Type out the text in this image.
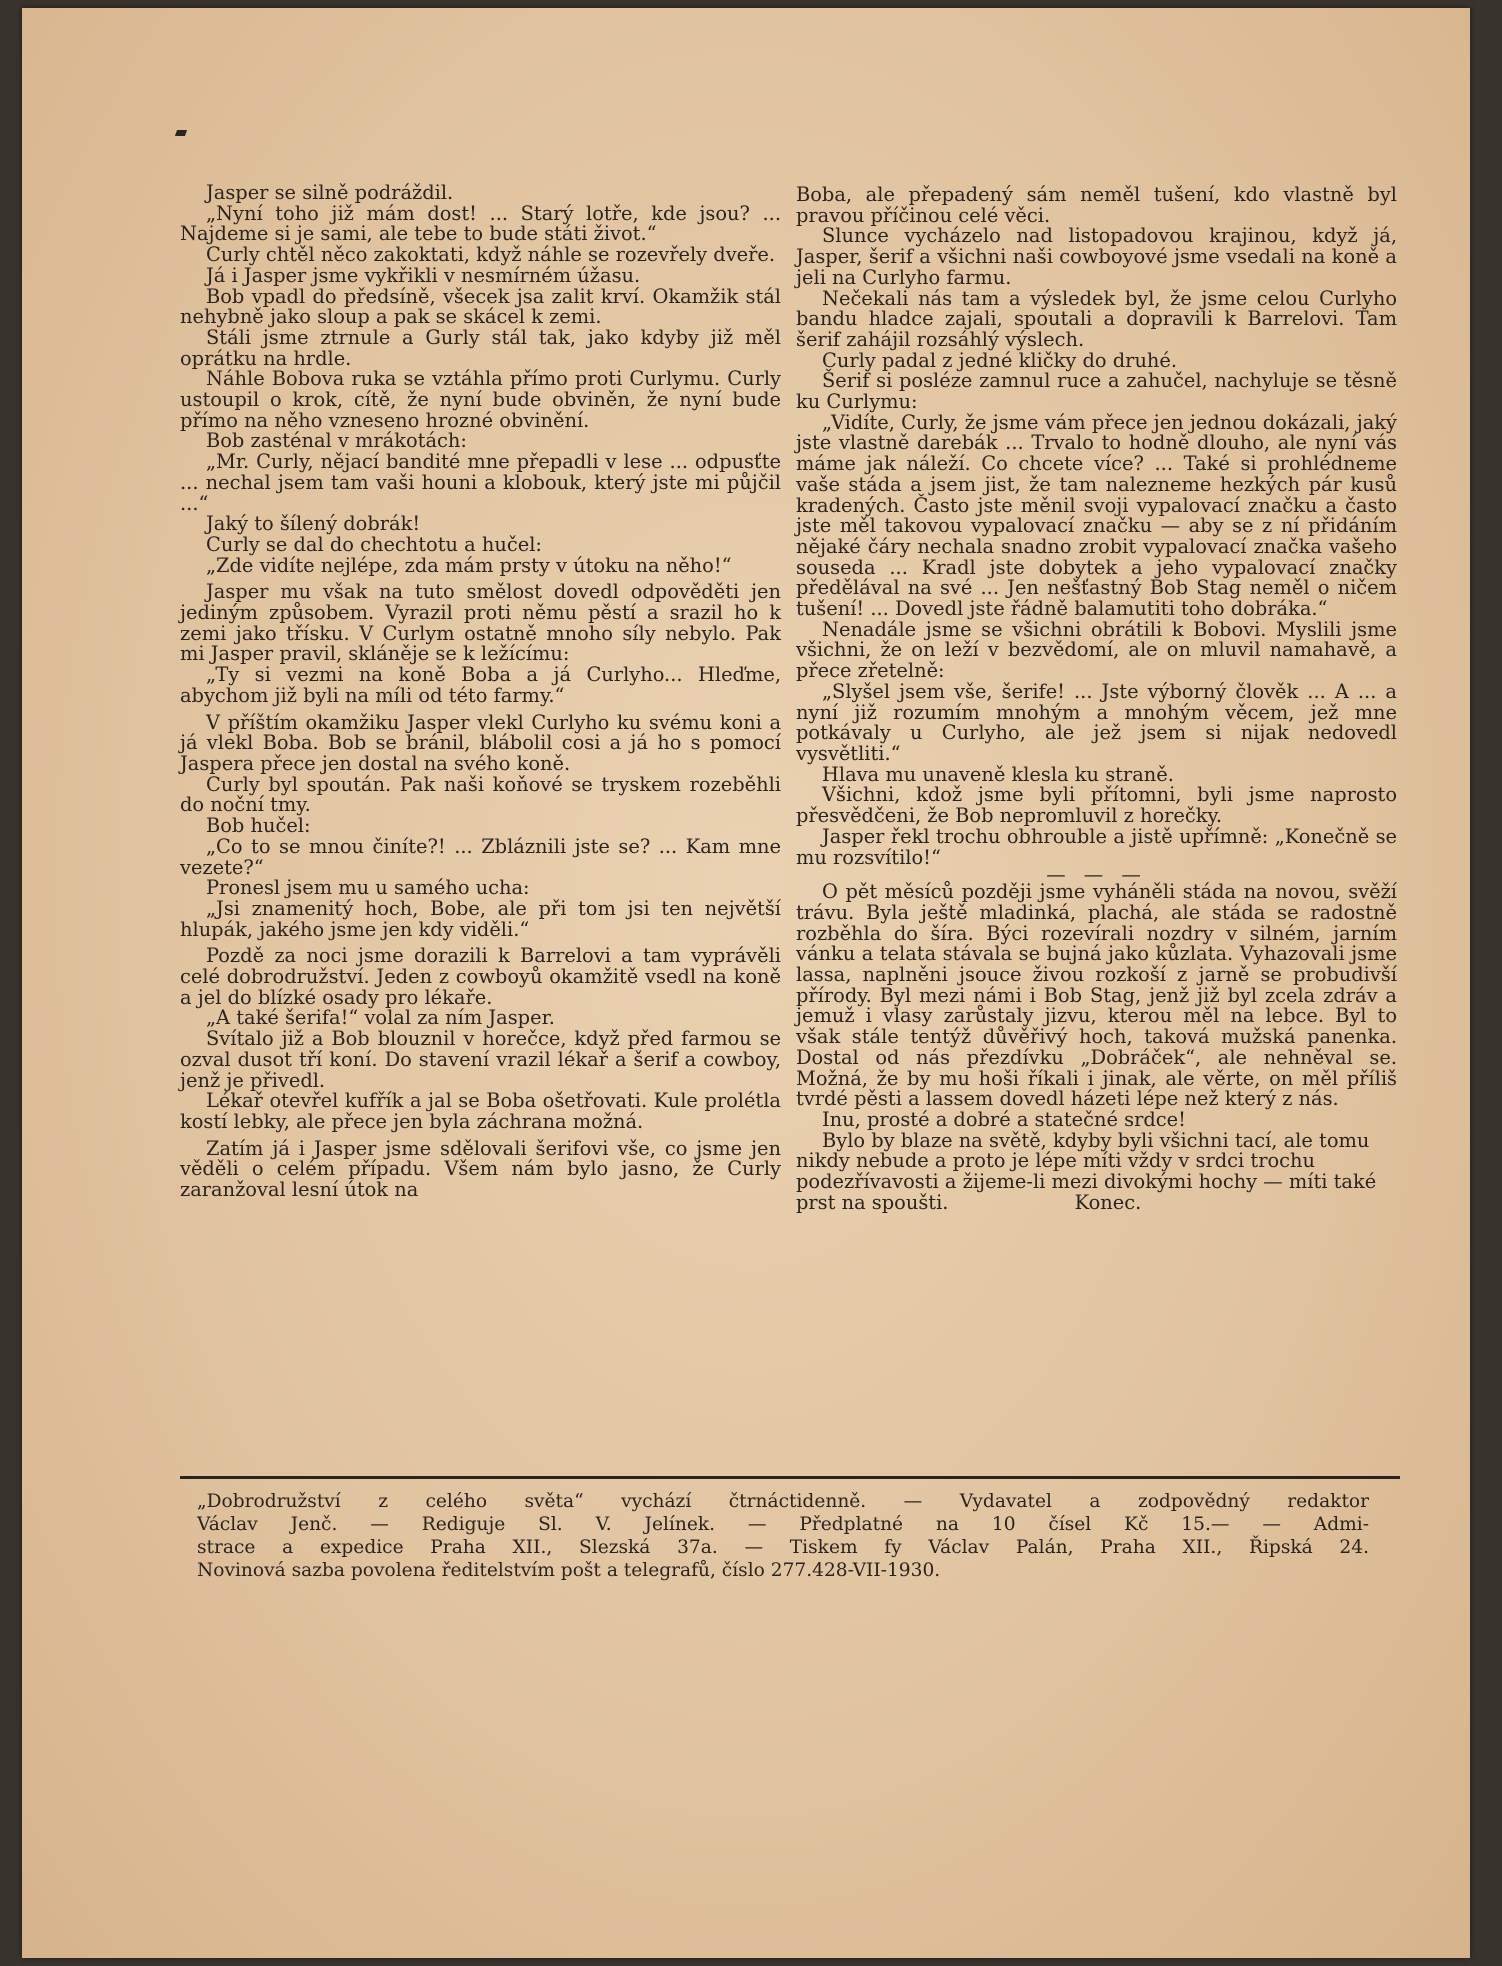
Jasper se silně podráždil.

„Nyní toho již mám dost! ... Starý lotře, kde jsou? ... Najdeme si je sami, ale tebe to bude státi život.“

Curly chtěl něco zakoktati, když náhle se rozevřely dveře.

Já i Jasper jsme vykřikli v nesmírném úžasu.

Bob vpadl do předsíně, všecek jsa zalit krví. Okamžik stál nehybně jako sloup a pak se skácel k zemi.

Stáli jsme ztrnule a Gurly stál tak, jako kdyby již měl oprátku na hrdle.

Náhle Bobova ruka se vztáhla přímo proti Curlymu. Curly ustoupil o krok, cítě, že nyní bude obviněn, že nyní bude přímo na něho vzneseno hrozné obvinění.

Bob zasténal v mrákotách:

„Mr. Curly, nějací bandité mne přepadli v lese ... odpusťte ... nechal jsem tam vaši houni a klobouk, který jste mi půjčil ...“

Jaký to šílený dobrák!

Curly se dal do chechtotu a hučel:

„Zde vidíte nejlépe, zda mám prsty v útoku na něho!“

Jasper mu však na tuto smělost dovedl odpověděti jen jediným způsobem. Vyrazil proti němu pěstí a srazil ho k zemi jako třísku. V Curlym ostatně mnoho síly nebylo. Pak mi Jasper pravil, skláněje se k ležícímu:

„Ty si vezmi na koně Boba a já Curlyho... Hleďme, abychom již byli na míli od této farmy.“

V příštím okamžiku Jasper vlekl Curlyho ku svému koni a já vlekl Boba. Bob se bránil, blábolil cosi a já ho s pomocí Jaspera přece jen dostal na svého koně.

Curly byl spoután. Pak naši koňové se tryskem rozeběhli do noční tmy.

Bob hučel:

„Co to se mnou činíte?! ... Zbláznili jste se? ... Kam mne vezete?“

Pronesl jsem mu u samého ucha:

„Jsi znamenitý hoch, Bobe, ale při tom jsi ten největší hlupák, jakého jsme jen kdy viděli.“

Pozdě za noci jsme dorazili k Barrelovi a tam vyprávěli celé dobrodružství. Jeden z cowboyů okamžitě vsedl na koně a jel do blízké osady pro lékaře.

„A také šerifa!“ volal za ním Jasper.

Svítalo již a Bob blouznil v horečce, když před farmou se ozval dusot tří koní. Do stavení vrazil lékař a šerif a cowboy, jenž je přivedl.

Lékař otevřel kufřík a jal se Boba ošetřovati. Kule prolétla kostí lebky, ale přece jen byla záchrana možná.

Zatím já i Jasper jsme sdělovali šerifovi vše, co jsme jen věděli o celém případu. Všem nám bylo jasno, že Curly zaranžoval lesní útok na

Boba, ale přepadený sám neměl tušení, kdo vlastně byl pravou příčinou celé věci.

Slunce vycházelo nad listopadovou krajinou, když já, Jasper, šerif a všichni naši cowboyové jsme vsedali na koně a jeli na Curlyho farmu.

Nečekali nás tam a výsledek byl, že jsme celou Curlyho bandu hladce zajali, spoutali a dopravili k Barrelovi. Tam šerif zahájil rozsáhlý výslech.

Curly padal z jedné kličky do druhé.

Šerif si posléze zamnul ruce a zahučel, nachyluje se těsně ku Curlymu:

„Vidíte, Curly, že jsme vám přece jen jednou dokázali, jaký jste vlastně darebák ... Trvalo to hodně dlouho, ale nyní vás máme jak náleží. Co chcete více? ... Také si prohlédneme vaše stáda a jsem jist, že tam nalezneme hezkých pár kusů kradených. Často jste měnil svoji vypalovací značku a často jste měl takovou vypalovací značku — aby se z ní přidáním nějaké čáry nechala snadno zrobit vypalovací značka vašeho souseda ... Kradl jste dobytek a jeho vypalovací značky předělával na své ... Jen nešťastný Bob Stag neměl o ničem tušení! ... Dovedl jste řádně balamutiti toho dobráka.“

Nenadále jsme se všichni obrátili k Bobovi. Myslili jsme všichni, že on leží v bezvědomí, ale on mluvil namahavě, a přece zřetelně:

„Slyšel jsem vše, šerife! ... Jste výborný člověk ... A ... a nyní již rozumím mnohým a mnohým věcem, jež mne potkávaly u Curlyho, ale jež jsem si nijak nedovedl vysvětliti.“

Hlava mu unaveně klesla ku straně.

Všichni, kdož jsme byli přítomni, byli jsme naprosto přesvědčeni, že Bob nepromluvil z horečky.

Jasper řekl trochu obhrouble a jistě upřímně: „Konečně se mu rozsvítilo!“

— — —

O pět měsíců později jsme vyháněli stáda na novou, svěží trávu. Byla ještě mladinká, plachá, ale stáda se radostně rozběhla do šíra. Býci rozevírali nozdry v silném, jarním vánku a telata stávala se bujná jako kůzlata. Vyhazovali jsme lassa, naplněni jsouce živou rozkoší z jarně se probudivší přírody. Byl mezi námi i Bob Stag, jenž již byl zcela zdráv a jemuž i vlasy zarůstaly jizvu, kterou měl na lebce. Byl to však stále tentýž důvěřivý hoch, taková mužská panenka. Dostal od nás přezdívku „Dobráček“, ale nehněval se. Možná, že by mu hoši říkali i jinak, ale věrte, on měl příliš tvrdé pěsti a lassem dovedl házeti lépe než který z nás.

Inu, prosté a dobré a statečné srdce!

Bylo by blaze na světě, kdyby byli všichni tací, ale tomu nikdy nebude a proto je lépe míti vždy v srdci trochu podezřívavosti a žijeme-li mezi divokými hochy — míti také prst na spoušti.	Konec.

„Dobrodružství z celého světa“ vychází čtrnáctidenně. — Vydavatel a zodpovědný redaktor
Václav Jenč. — Rediguje Sl. V. Jelínek. — Předplatné na 10 čísel Kč 15.— — Admi-
strace a expedice Praha XII., Slezská 37a. — Tiskem fy Václav Palán, Praha XII., Řipská 24.
Novinová sazba povolena ředitelstvím pošt a telegrafů, číslo 277.428-VII-1930.
